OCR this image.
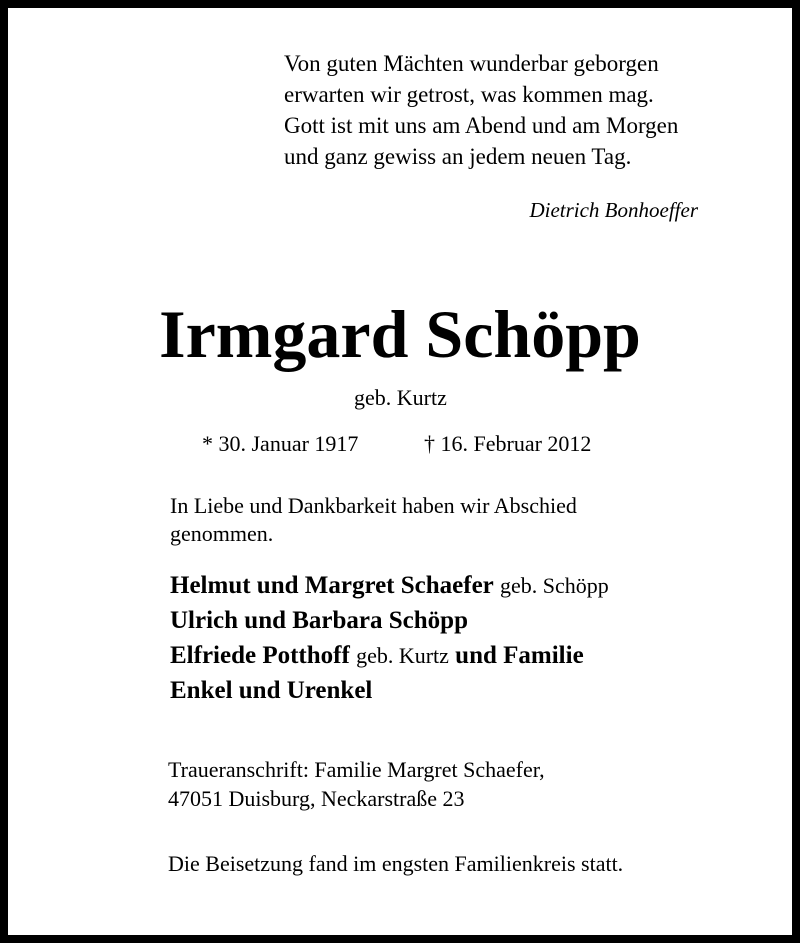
Von guten Mächten wunderbar geborgen
erwarten wir getrost, was kommen mag.
Gott ist mit uns am Abend und am Morgen
und ganz gewiss an jedem neuen Tag.
Dietrich Bonhoeffer
Irmgard Schöpp
geb. Kurtz
* 30. Januar 1917	† 16. Februar 2012
In Liebe und Dankbarkeit haben wir Abschied
genommen.
Helmut und Margret Schaefer geb. Schöpp
Ulrich und Barbara Schöpp
Elfriede Potthoff geb. Kurtz und Familie
Enkel und Urenkel
Traueranschrift: Familie Margret Schaefer,
47051 Duisburg, Neckarstraße 23
Die Beisetzung fand im engsten Familienkreis statt.
